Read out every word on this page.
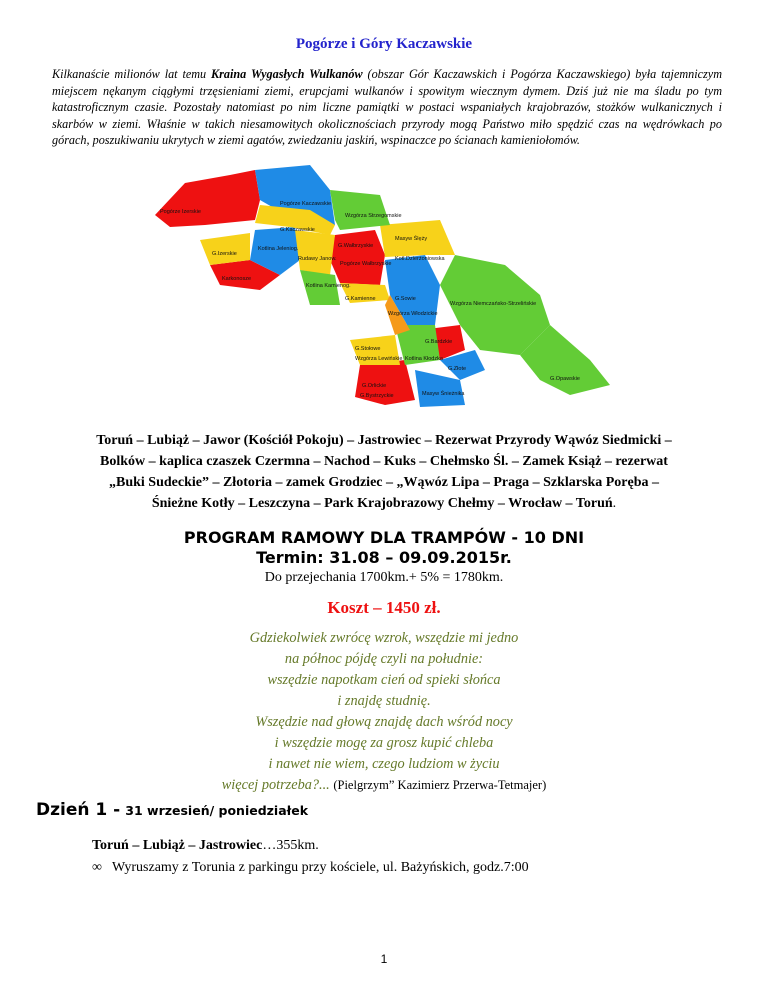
Pogórze i Góry Kaczawskie
Kilkanaście milionów lat temu Kraina Wygasłych Wulkanów (obszar Gór Kaczawskich i Pogórza Kaczawskiego) była tajemniczym miejscem nękanym ciągłymi trzęsieniami ziemi, erupcjami wulkanów i spowitym wiecznym dymem. Dziś już nie ma śladu po tym katastroficznym czasie. Pozostały natomiast po nim liczne pamiątki w postaci wspaniałych krajobrazów, stożków wulkanicznych i skarbów w ziemi. Właśnie w takich niesamowitych okolicznościach przyrody mogą Państwo miło spędzić czas na wędrówkach po górach, poszukiwaniu ukrytych w ziemi agatów, zwiedzaniu jaskiń, wspinaczce po ścianach kamieniołomów.
Pogórze Izerskie
Pogórze Kaczawskie
Wzgórza Strzegomskie
G.Kaczawskie
G.Izerskie
Kotlina Jeleniog.
Rudawy Janow.
G.Wałbrzyskie
Pogórze Wałbrzyskie
Masyw Ślęży
Kotl.Dzierżoniowska
Karkonosze
Kotlina Kamienog.
G.Kamienne	G.Sowie
Wzgórza Włodzickie
Wzgórza Niemczańsko-Strzelińskie
G.Bardzkie
G.Stołowe
Wzgórza Lewińskie Kotlina Kłodzka
G.Złote
G.Orlickie
G.Bystrzyckie	Masyw Śnieżnika
G.Opawskie
Toruń – Lubiąż – Jawor (Kościół Pokoju) – Jastrowiec – Rezerwat Przyrody Wąwóz Siedmicki –
Bolków – kaplica czaszek Czermna – Nachod – Kuks – Chełmsko Śl. – Zamek Książ – rezerwat
„Buki Sudeckie” – Złotoria – zamek Grodziec – „Wąwóz Lipa – Praga – Szklarska Poręba –
Śnieżne Kotły – Leszczyna – Park Krajobrazowy Chełmy – Wrocław – Toruń.
PROGRAM RAMOWY DLA TRAMPÓW - 10 DNI
Termin: 31.08 – 09.09.2015r.
Do przejechania 1700km.+ 5% = 1780km.
Koszt – 1450 zł.
Gdziekolwiek zwrócę wzrok, wszędzie mi jedno
na północ pójdę czyli na południe:
wszędzie napotkam cień od spieki słońca
i znajdę studnię.
Wszędzie nad głową znajdę dach wśród nocy
i wszędzie mogę za grosz kupić chleba
i nawet nie wiem, czego ludziom w życiu
więcej potrzeba?... (Pielgrzym” Kazimierz Przerwa-Tetmajer)
Dzień 1 - 31 wrzesień/ poniedziałek
Toruń – Lubiąż – Jastrowiec…355km.
∞ Wyruszamy z Torunia z parkingu przy kościele, ul. Bażyńskich, godz.7:00
1
